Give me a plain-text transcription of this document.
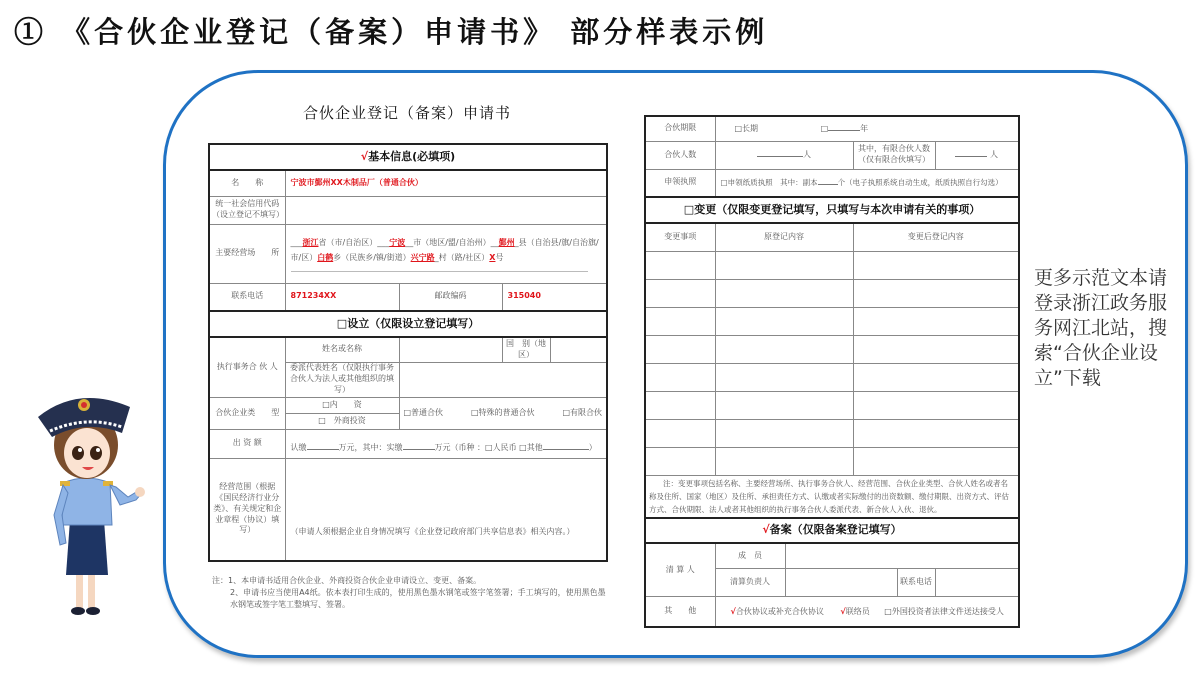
① 《合伙企业登记（备案）申请书》 部分样表示例
合伙企业登记（备案）申请书
√基本信息(必填项)				
名　　称	宁波市鄞州XX木制品厂（普通合伙）			
统一社会信用代码（设立登记不填写）				
主要经营场　　所	___浙江省（市/自治区）___宁波__市（地区/盟/自治州）__鄞州_县（自治县/旗/自治旗/市/区）白鹤乡（民族乡/镇/街道）兴宁路_村（路/社区）X号			

联系电话	871234XX	邮政编码	315040	
□设立（仅限设立登记填写）				
执行事务合 伙 人	姓名或名称		国　别（地 区）	
	委派代表姓名（仅限执行事务合伙人为法人或其他组织的填写）			
合伙企业类　　型	□内　　资	□普通合伙 □特殊的普通合伙 □有限合伙		

	□　外商投资			
出 资 额	认缴 万元，其中：实缴 万元（币种 ：□人民币 □其他 ）			
经营范围（根据《国民经济行业分类》、有关规定和企业章程（协议）填写）	（申请人须根据企业自身情况填写《企业登记政府部门共享信息表》相关内容。）			
注：1、本申请书适用合伙企业、外商投资合伙企业申请设立、变更、备案。
2、申请书应当使用A4纸。依本表打印生成的，使用黑色墨水钢笔或签字笔签署；手工填写的，使用黑色墨水钢笔或签字笔工整填写、签署。
合伙期限	□长期 □ 年				
合伙人数	人		其中，有限合伙人数（仅有限合伙填写）		人
申领执照	□申领纸质执照　其中：副本 个（电子执照系统自动生成，纸质执照自行勾选）				
□变更（仅限变更登记填写，只填写与本次申请有关的事项）					
变更事项	原登记内容		变更后登记内容		

注：变更事项包括名称、主要经营场所、执行事务合伙人、经营范围、合伙企业类型、合伙人姓名或者名称及住所、国家（地区）及住所、承担责任方式、认缴或者实际缴付的出资数额、缴付期限、出资方式、评估方式、合伙期限、法人或者其他组织的执行事务合伙人委派代表、新合伙人入伙、退伙。					
√备案（仅限备案登记填写）					
清 算 人	成　员				
	清算负责人			联系电话	
其　　他	√合伙协议或补充合伙协议 √联络员 □外国投资者法律文件送达接受人				
更多示范文本请登录浙江政务服务网江北站，搜索“合伙企业设立”下载
